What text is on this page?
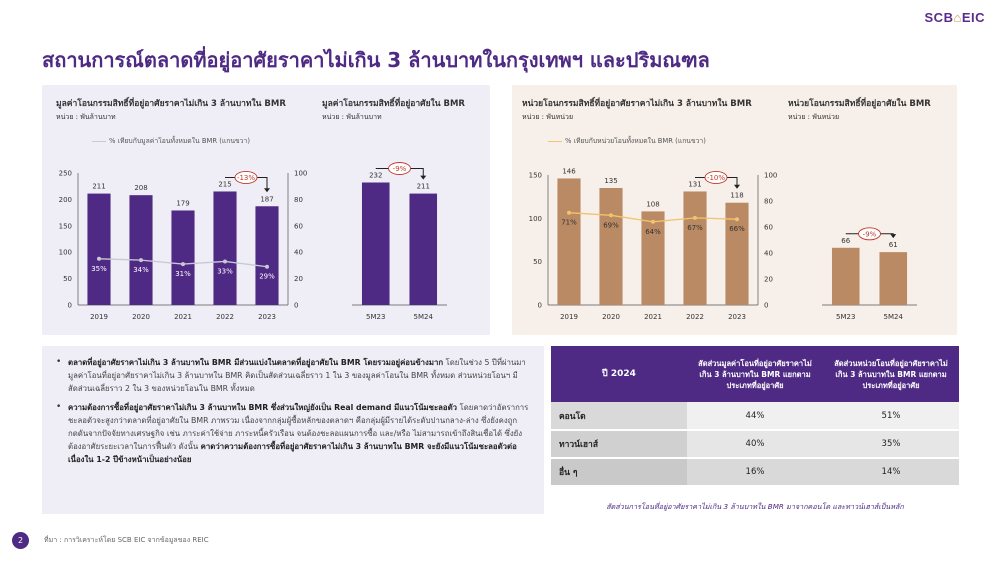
SCB⌂EIC
สถานการณ์ตลาดที่อยู่อาศัยราคาไม่เกิน 3 ล้านบาทในกรุงเทพฯ และปริมณฑล
มูลค่าโอนกรรมสิทธิ์ที่อยู่อาศัยราคาไม่เกิน 3 ล้านบาทใน BMR
หน่วย : พันล้านบาท
% เทียบกับมูลค่าโอนทั้งหมดใน BMR (แกนขวา)
0
50
100
150
200
250
0
20
40
60
80
100
211
2019
208
2020
179
2021
215
2022
187
2023
35%	34%	31%	33%
29%
-13%
มูลค่าโอนกรรมสิทธิ์ที่อยู่อาศัยใน BMR
หน่วย : พันล้านบาท
232
5M23
211
5M24
-9%
หน่วยโอนกรรมสิทธิ์ที่อยู่อาศัยราคาไม่เกิน 3 ล้านบาทใน BMR
หน่วย : พันหน่วย
% เทียบกับหน่วยโอนทั้งหมดใน BMR (แกนขวา)
0
50
100
150
0
20
40
60
80
100
146
2019
135
2020
108
2021
131
2022
118
2023
71%	69%
64%	67%	66%
-10%
หน่วยโอนกรรมสิทธิ์ที่อยู่อาศัยใน BMR
หน่วย : พันหน่วย
66
5M23
61
5M24
-9%
• ตลาดที่อยู่อาศัยราคาไม่เกิน 3 ล้านบาทใน BMR มีส่วนแบ่งในตลาดที่อยู่อาศัยใน BMR โดยรวมอยู่ค่อนข้างมาก โดยในช่วง 5 ปีที่ผ่านมา มูลค่าโอนที่อยู่อาศัยราคาไม่เกิน 3 ล้านบาทใน BMR คิดเป็นสัดส่วนเฉลี่ยราว 1 ใน 3 ของมูลค่าโอนใน BMR ทั้งหมด ส่วนหน่วยโอนฯ มีสัดส่วนเฉลี่ยราว 2 ใน 3 ของหน่วยโอนใน BMR ทั้งหมด
• ความต้องการซื้อที่อยู่อาศัยราคาไม่เกิน 3 ล้านบาทใน BMR ซึ่งส่วนใหญ่ยังเป็น Real demand มีแนวโน้มชะลอตัว โดยคาดว่าอัตราการชะลอตัวจะสูงกว่าตลาดที่อยู่อาศัยใน BMR ภาพรวม เนื่องจากกลุ่มผู้ซื้อหลักของตลาดฯ คือกลุ่มผู้มีรายได้ระดับปานกลาง-ล่าง ซึ่งยังคงถูกกดดันจากปัจจัยทางเศรษฐกิจ เช่น ภาระค่าใช้จ่าย ภาระหนี้ครัวเรือน จนต้องชะลอแผนการซื้อ และ/หรือ ไม่สามารถเข้าถึงสินเชื่อได้ ซึ่งยังต้องอาศัยระยะเวลาในการฟื้นตัว ดังนั้น คาดว่าความต้องการซื้อที่อยู่อาศัยราคาไม่เกิน 3 ล้านบาทใน BMR จะยังมีแนวโน้มชะลอตัวต่อเนื่องใน 1-2 ปีข้างหน้าเป็นอย่างน้อย
ปี 2024	สัดส่วนมูลค่าโอนที่อยู่อาศัยราคาไม่เกิน 3 ล้านบาทใน BMR แยกตามประเภทที่อยู่อาศัย	สัดส่วนหน่วยโอนที่อยู่อาศัยราคาไม่เกิน 3 ล้านบาทใน BMR แยกตามประเภทที่อยู่อาศัย
คอนโด	44%	51%
ทาวน์เฮาส์	40%	35%
อื่น ๆ	16%	14%
สัดส่วนการโอนที่อยู่อาศัยราคาไม่เกิน 3 ล้านบาทใน BMR มาจากคอนโด และทาวน์เฮาส์เป็นหลัก
2	ที่มา : การวิเคราะห์โดย SCB EIC จากข้อมูลของ REIC
